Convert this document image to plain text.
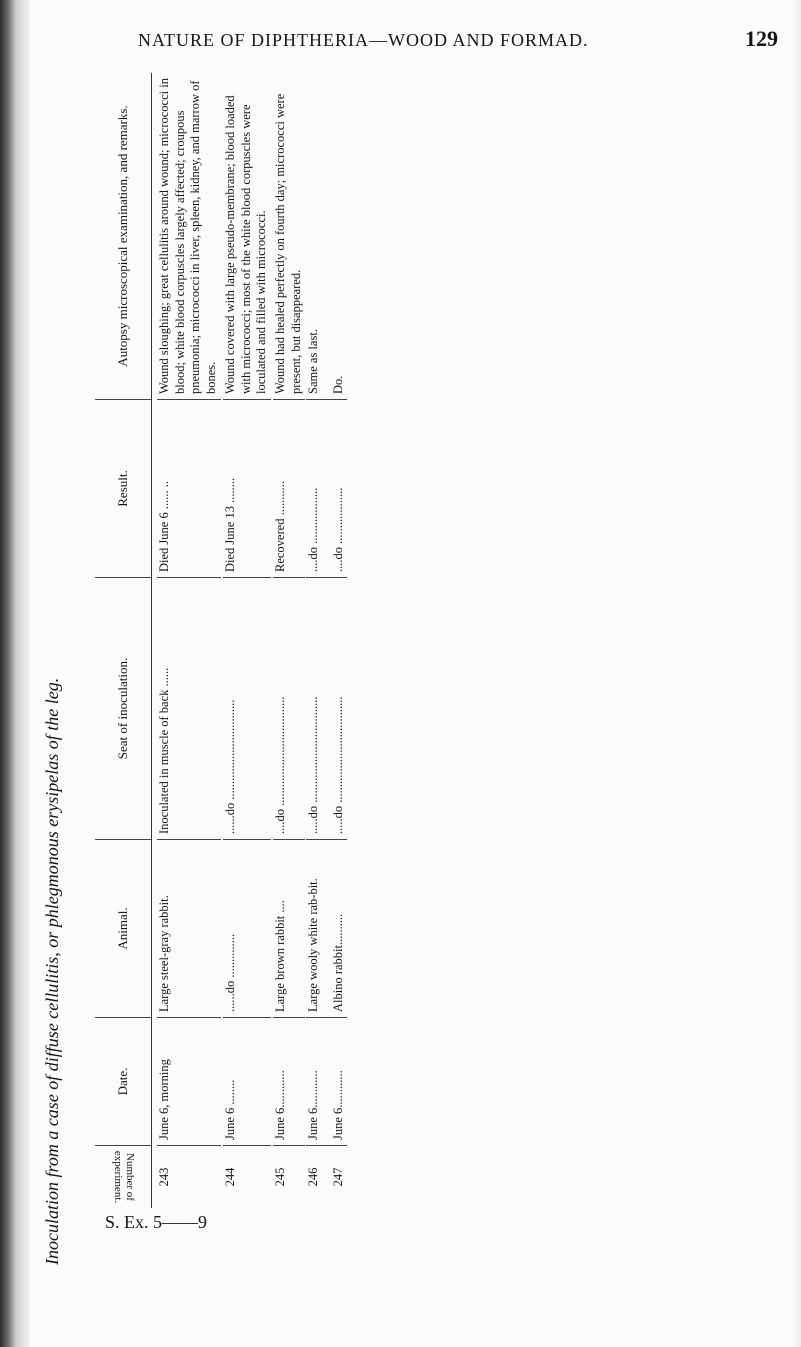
NATURE OF DIPHTHERIA—WOOD AND FORMAD.	129
Inoculation from a case of diffuse cellulitis, or phlegmonous erysipelas of the leg.	Number of experiment.
Date.
Animal.
Seat of inoculation.
Result.
Autopsy microscopical examination, and remarks.
243
June 6, morning
Large steel-gray rabbit.
Inoculated in muscle of back ......
Died June 6 ...... ..
Wound sloughing; great cellulitis around wound; micrococci in blood; white blood corpuscles largely affected; croupous pneumonia; micrococci in liver, spleen, kidney, and marrow of bones.
244
June 6 ........
......do ..............
......do ................................
Died June 13 ........
Wound covered with large pseudo-membrane; blood loaded with micrococci; most of the white blood corpuscles were loculated and filled with micrococci.
245
June 6............
Large brown rabbit ....
....do ...................................
Recovered ...........
Wound had healed perfectly on fourth day; micrococci were present, but disappeared.
246
June 6............
Large wooly white rab-bit.
.....do ..................................
....do ..................
Same as last.
247
June 6............
Albino rabbit..........
.....do ..................................
....do ..................
Do.
S. Ex. 5——9
